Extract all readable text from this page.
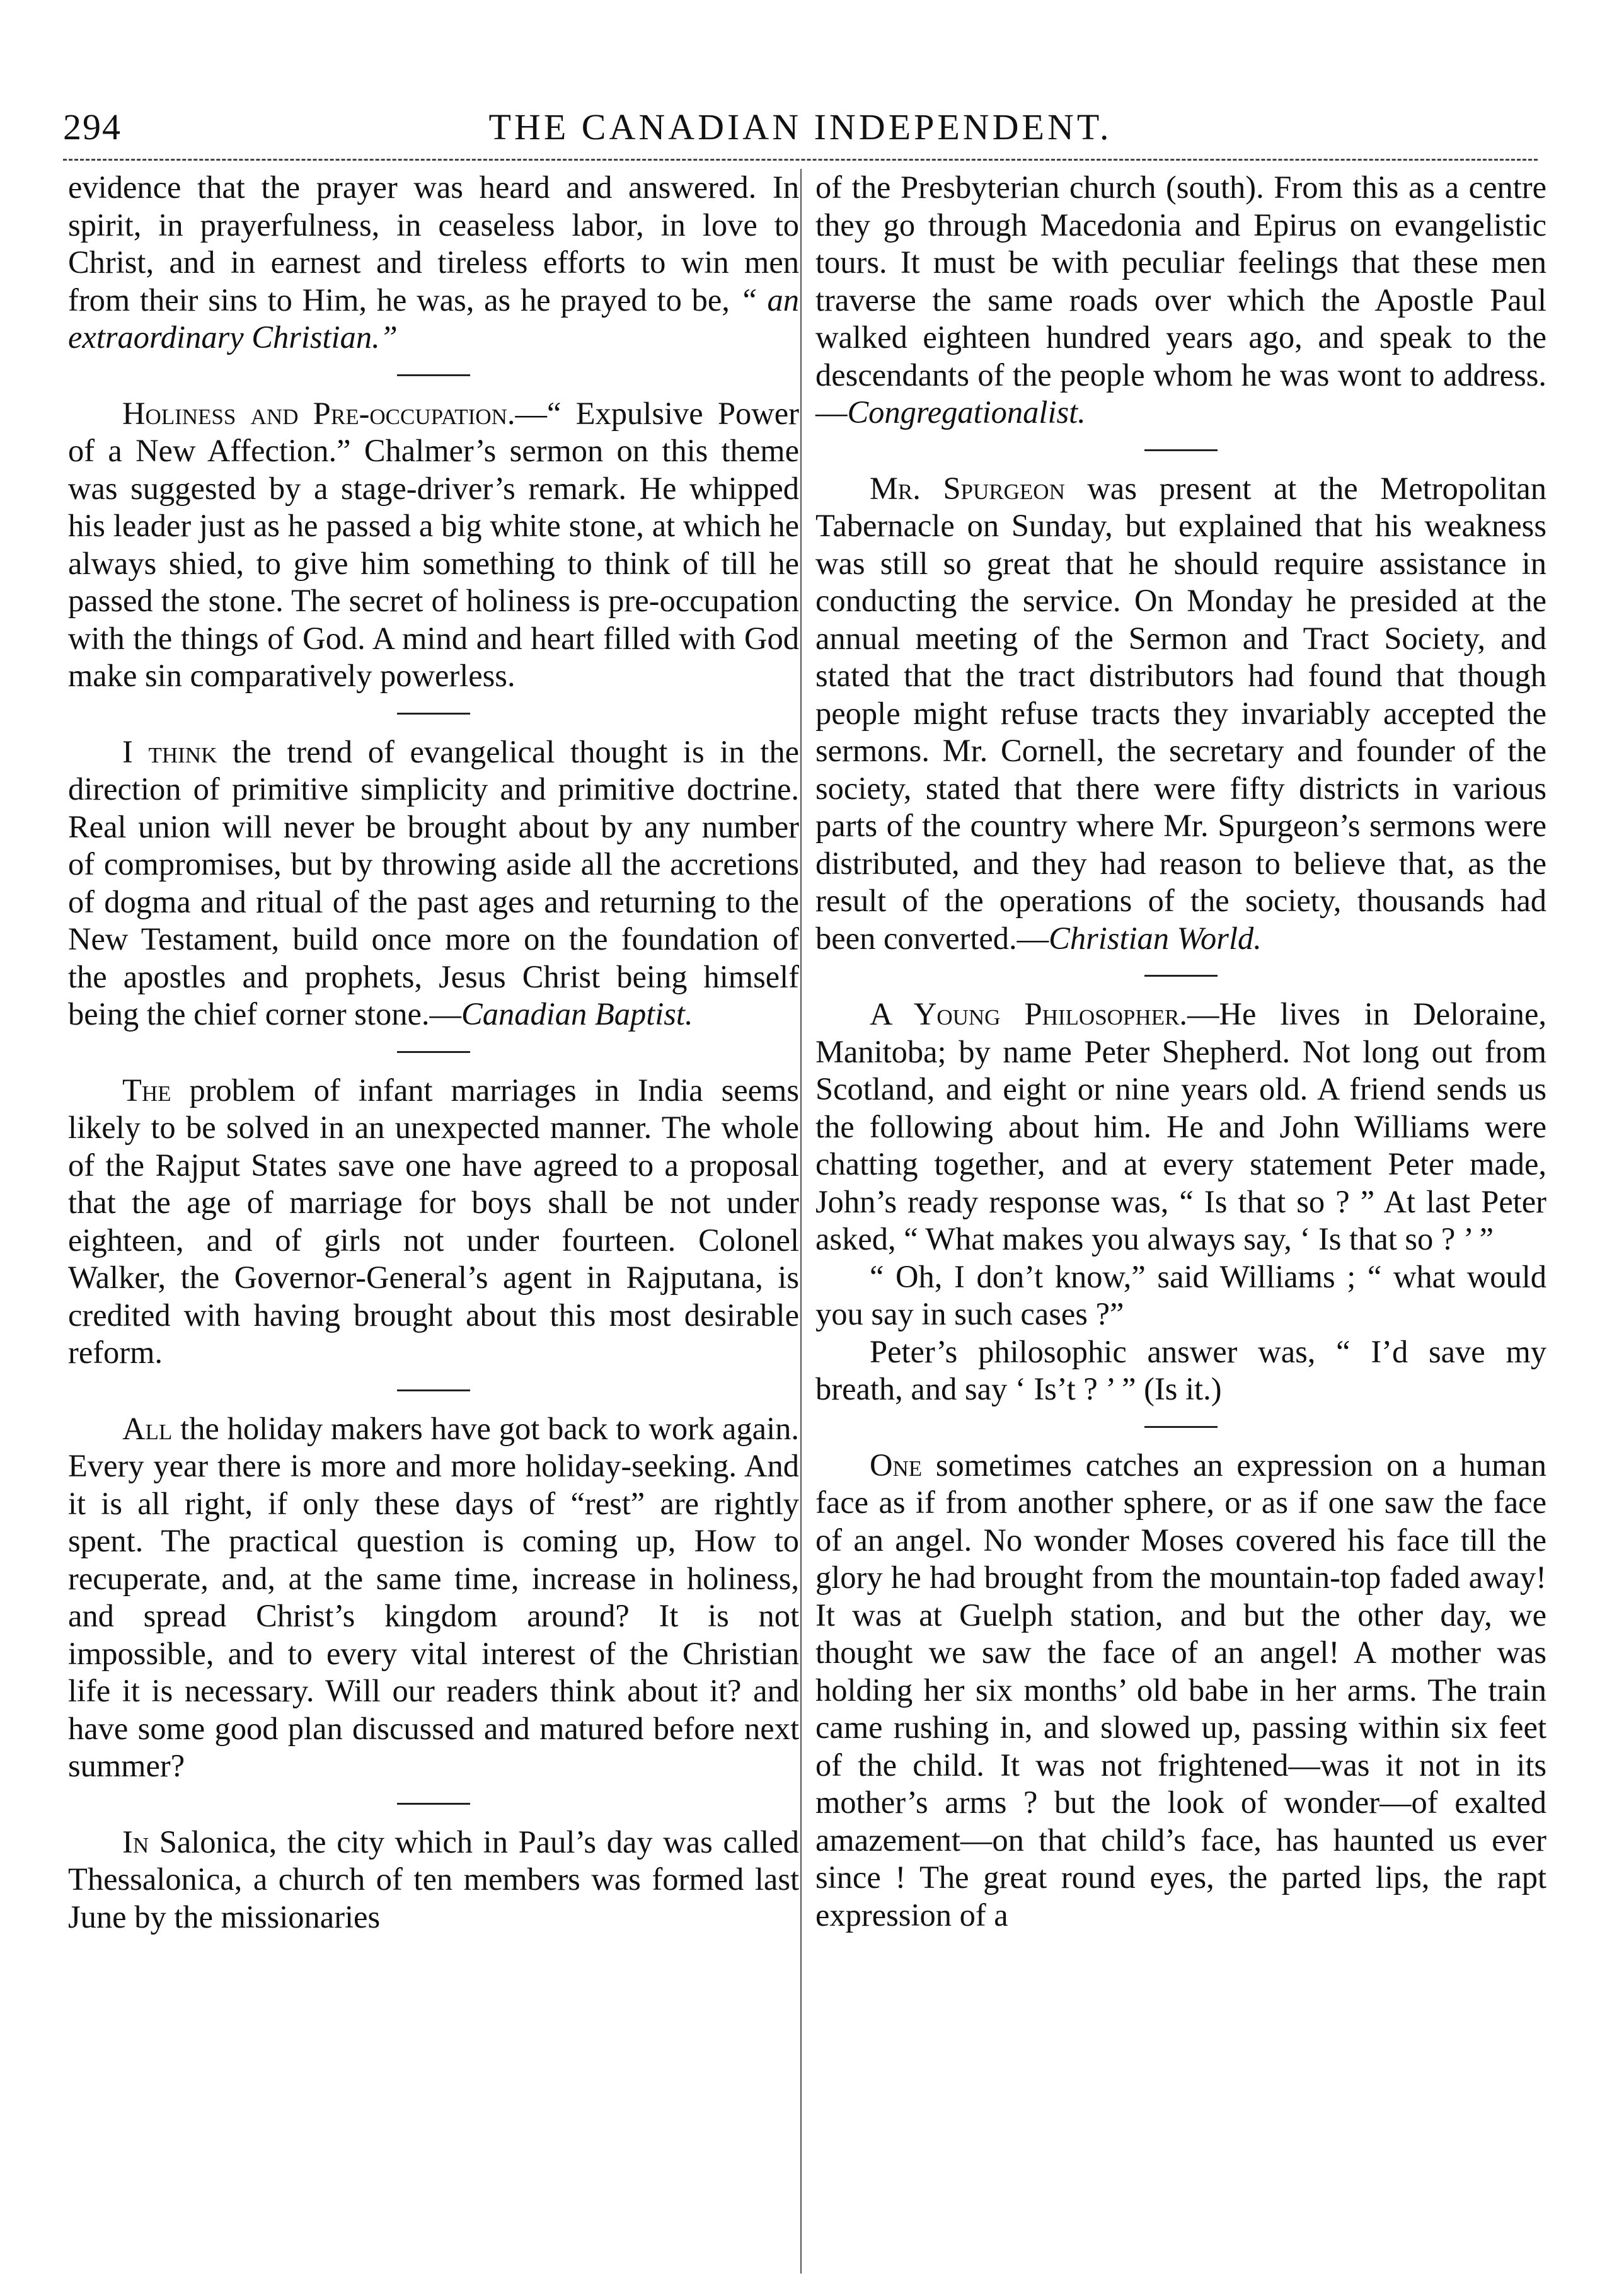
THE CANADIAN INDEPENDENT.
294

evidence that the prayer was heard and answered. In spirit, in prayerfulness, in ceaseless labor, in love to Christ, and in earnest and tireless efforts to win men from their sins to Him, he was, as he prayed to be, “ an extraordinary Christian.”

Holiness and Pre-occupation.—“ Expulsive Power of a New Affection.” Chalmer’s sermon on this theme was suggested by a stage-driver’s remark. He whipped his leader just as he passed a big white stone, at which he always shied, to give him something to think of till he passed the stone. The secret of holiness is pre-occupation with the things of God. A mind and heart filled with God make sin comparatively powerless.

I think the trend of evangelical thought is in the direction of primitive simplicity and primitive doctrine. Real union will never be brought about by any number of compromises, but by throwing aside all the accretions of dogma and ritual of the past ages and returning to the New Testament, build once more on the foundation of the apostles and prophets, Jesus Christ being himself being the chief corner stone.—Canadian Baptist.

The problem of infant marriages in India seems likely to be solved in an unexpected manner. The whole of the Rajput States save one have agreed to a proposal that the age of marriage for boys shall be not under eighteen, and of girls not under fourteen. Colonel Walker, the Governor-General’s agent in Rajputana, is credited with having brought about this most desirable reform.

All the holiday makers have got back to work again. Every year there is more and more holiday-seeking. And it is all right, if only these days of “rest” are rightly spent. The practical question is coming up, How to recuperate, and, at the same time, increase in holiness, and spread Christ’s kingdom around? It is not impossible, and to every vital interest of the Christian life it is necessary. Will our readers think about it? and have some good plan discussed and matured before next summer?

In Salonica, the city which in Paul’s day was called Thessalonica, a church of ten members was formed last June by the missionaries

of the Presbyterian church (south). From this as a centre they go through Macedonia and Epirus on evangelistic tours. It must be with peculiar feelings that these men traverse the same roads over which the Apostle Paul walked eighteen hundred years ago, and speak to the descendants of the people whom he was wont to address.—Congregationalist.

Mr. Spurgeon was present at the Metropolitan Tabernacle on Sunday, but explained that his weakness was still so great that he should require assistance in conducting the service. On Monday he presided at the annual meeting of the Sermon and Tract Society, and stated that the tract distributors had found that though people might refuse tracts they invariably accepted the sermons. Mr. Cornell, the secretary and founder of the society, stated that there were fifty districts in various parts of the country where Mr. Spurgeon’s sermons were distributed, and they had reason to believe that, as the result of the operations of the society, thousands had been converted.—Christian World.

A Young Philosopher.—He lives in Deloraine, Manitoba; by name Peter Shepherd. Not long out from Scotland, and eight or nine years old. A friend sends us the following about him. He and John Williams were chatting together, and at every statement Peter made, John’s ready response was, “ Is that so ? ” At last Peter asked, “ What makes you always say, ‘ Is that so ? ’ ”

“ Oh, I don’t know,” said Williams ; “ what would you say in such cases ?”

Peter’s philosophic answer was, “ I’d save my breath, and say ‘ Is’t ? ’ ” (Is it.)

One sometimes catches an expression on a human face as if from another sphere, or as if one saw the face of an angel. No wonder Moses covered his face till the glory he had brought from the mountain-top faded away! It was at Guelph station, and but the other day, we thought we saw the face of an angel! A mother was holding her six months’ old babe in her arms. The train came rushing in, and slowed up, passing within six feet of the child. It was not frightened—was it not in its mother’s arms ? but the look of wonder—of exalted amazement—on that child’s face, has haunted us ever since ! The great round eyes, the parted lips, the rapt expression of a
